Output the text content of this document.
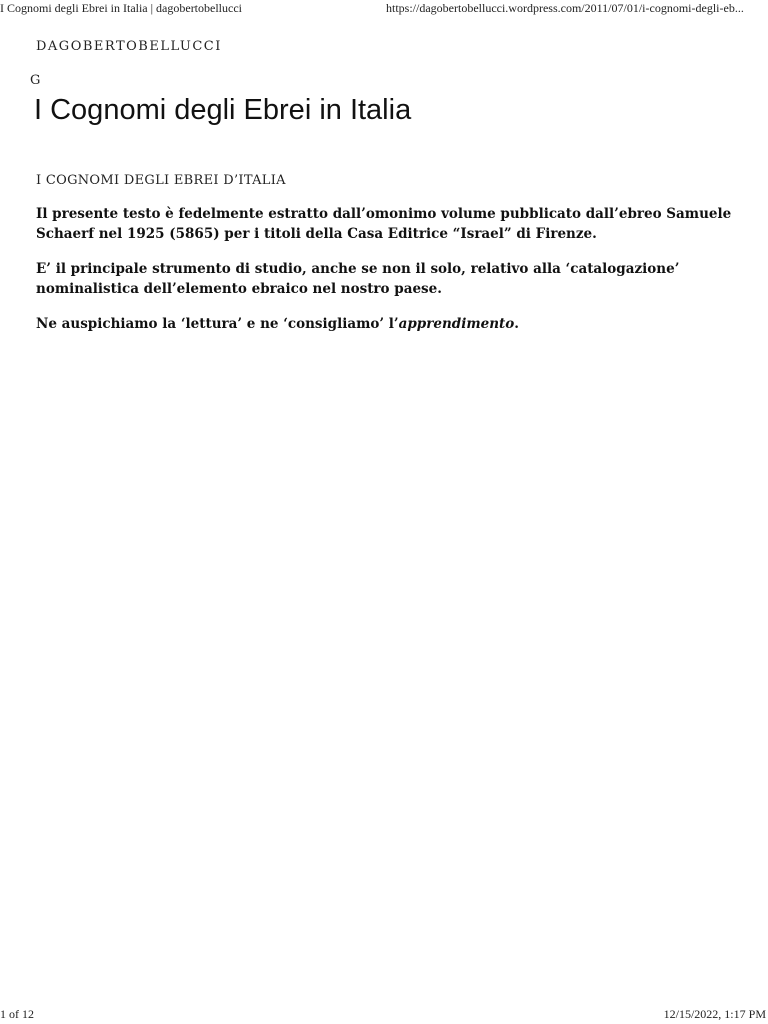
I Cognomi degli Ebrei in Italia | dagobertobellucci	https://dagobertobellucci.wordpress.com/2011/07/01/i-cognomi-degli-eb...
DAGOBERTOBELLUCCI
G
I Cognomi degli Ebrei in Italia

I COGNOMI DEGLI EBREI D’ITALIA

Il presente testo è fedelmente estratto dall’omonimo volume pubblicato dall’ebreo Samuele Schaerf nel 1925 (5865) per i titoli della Casa Editrice “Israel” di Firenze.

E’ il principale strumento di studio, anche se non il solo, relativo alla ‘catalogazione’ nominalistica dell’elemento ebraico nel nostro paese.

Ne auspichiamo la ‘lettura’ e ne ‘consigliamo’ l’apprendimento.

1 of 12	12/15/2022, 1:17 PM
